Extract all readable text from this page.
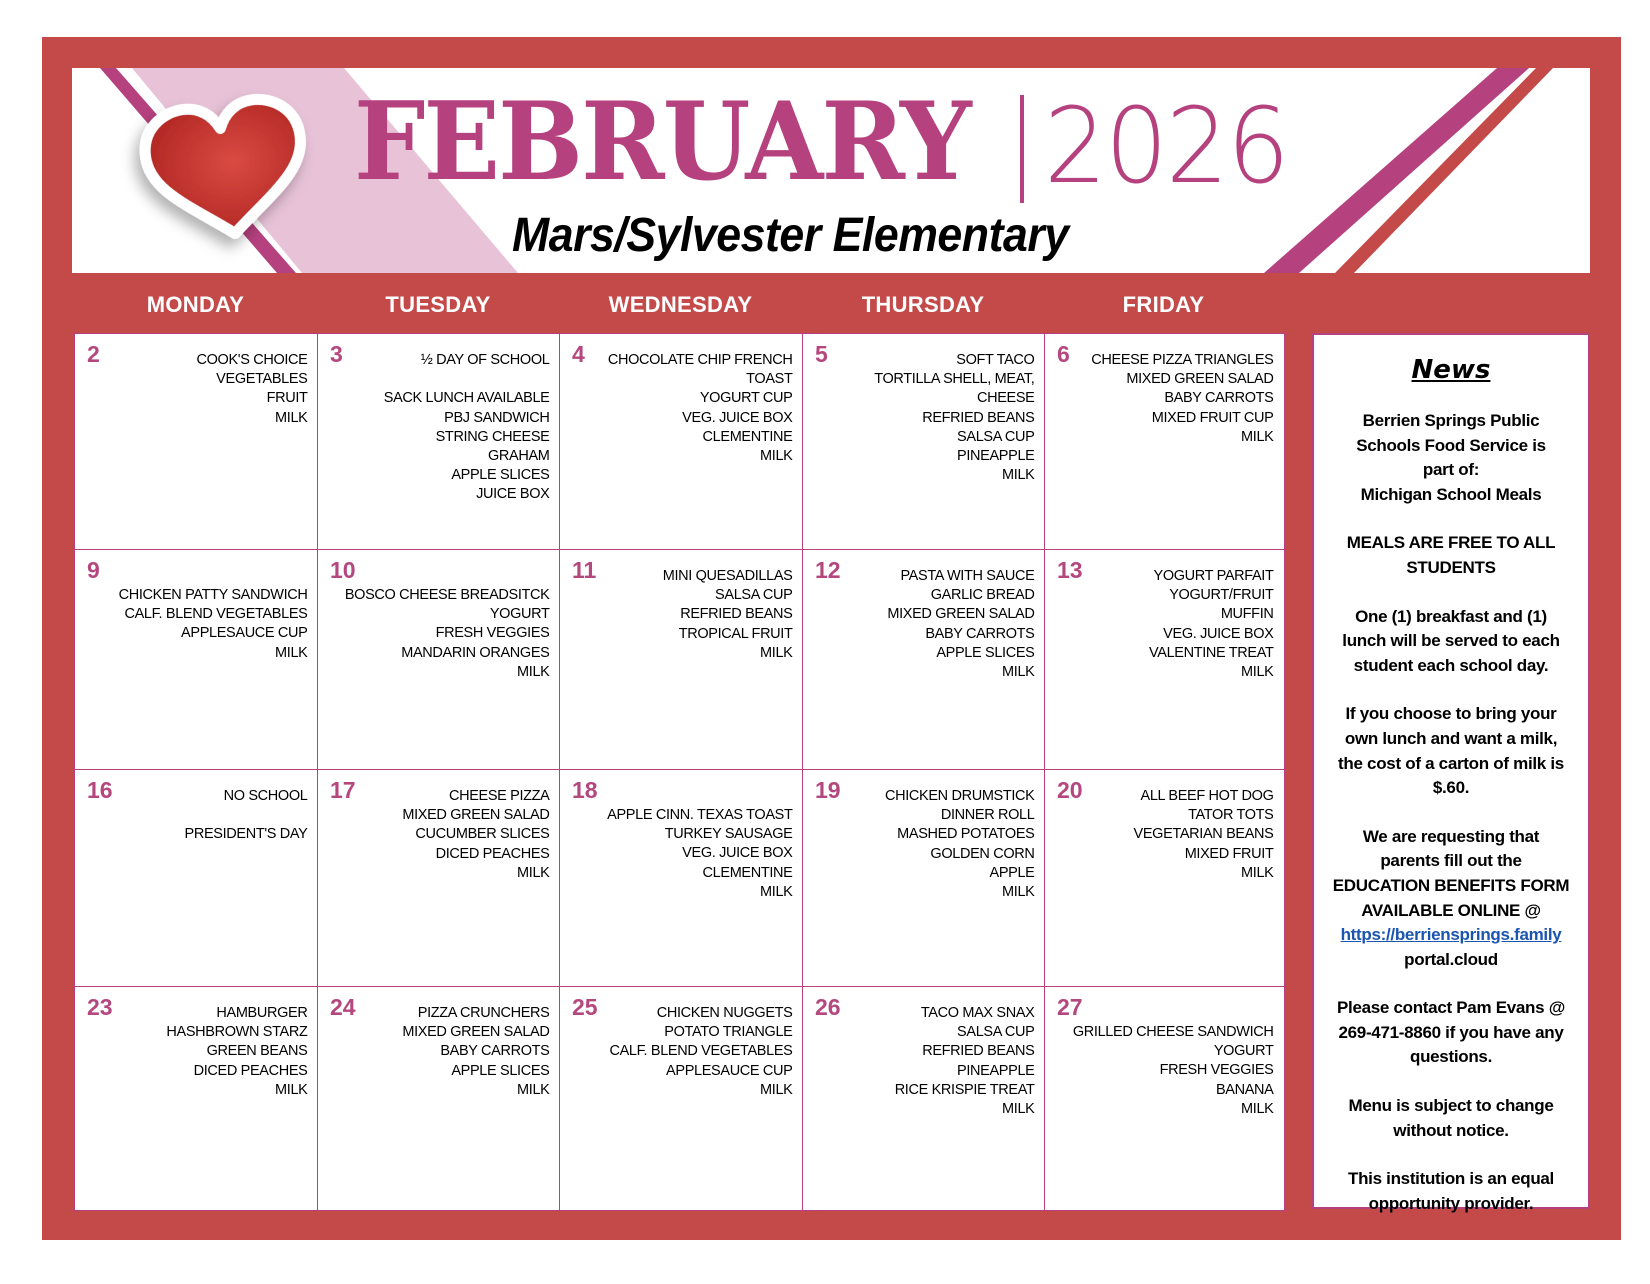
FEBRUARY 2026
Mars/Sylvester Elementary
MONDAY	TUESDAY	WEDNESDAY	THURSDAY	FRIDAY
2	COOK'S CHOICE
VEGETABLES
FRUIT
MILK
3	½ DAY OF SCHOOL

SACK LUNCH AVAILABLE
PBJ SANDWICH
STRING CHEESE
GRAHAM
APPLE SLICES
JUICE BOX
4 CHOCOLATE CHIP FRENCH
TOAST
YOGURT CUP
VEG. JUICE BOX
CLEMENTINE
MILK
5	SOFT TACO
TORTILLA SHELL, MEAT,
CHEESE
REFRIED BEANS
SALSA CUP
PINEAPPLE
MILK
6 CHEESE PIZZA TRIANGLES
MIXED GREEN SALAD
BABY CARROTS
MIXED FRUIT CUP
MILK
9
CHICKEN PATTY SANDWICH
CALF. BLEND VEGETABLES
APPLESAUCE CUP
MILK
10
BOSCO CHEESE BREADSITCK
YOGURT
FRESH VEGGIES
MANDARIN ORANGES
MILK
11	MINI QUESADILLAS
SALSA CUP
REFRIED BEANS
TROPICAL FRUIT
MILK
12	PASTA WITH SAUCE
GARLIC BREAD
MIXED GREEN SALAD
BABY CARROTS
APPLE SLICES
MILK
13	YOGURT PARFAIT
YOGURT/FRUIT
MUFFIN
VEG. JUICE BOX
VALENTINE TREAT
MILK
16	NO SCHOOL

PRESIDENT'S DAY
17	CHEESE PIZZA
MIXED GREEN SALAD
CUCUMBER SLICES
DICED PEACHES
MILK
18
APPLE CINN. TEXAS TOAST
TURKEY SAUSAGE
VEG. JUICE BOX
CLEMENTINE
MILK
19	CHICKEN DRUMSTICK
DINNER ROLL
MASHED POTATOES
GOLDEN CORN
APPLE
MILK
20	ALL BEEF HOT DOG
TATOR TOTS
VEGETARIAN BEANS
MIXED FRUIT
MILK
23	HAMBURGER
HASHBROWN STARZ
GREEN BEANS
DICED PEACHES
MILK
24	PIZZA CRUNCHERS
MIXED GREEN SALAD
BABY CARROTS
APPLE SLICES
MILK
25	CHICKEN NUGGETS
POTATO TRIANGLE
CALF. BLEND VEGETABLES
APPLESAUCE CUP
MILK
26	TACO MAX SNAX
SALSA CUP
REFRIED BEANS
PINEAPPLE
RICE KRISPIE TREAT
MILK
27
GRILLED CHEESE SANDWICH
YOGURT
FRESH VEGGIES
BANANA
MILK
News
Berrien Springs Public
Schools Food Service is
part of:
Michigan School Meals
MEALS ARE FREE TO ALL
STUDENTS
One (1) breakfast and (1)
lunch will be served to each
student each school day.
If you choose to bring your
own lunch and want a milk,
the cost of a carton of milk is
$.60.
We are requesting that
parents fill out the
EDUCATION BENEFITS FORM
AVAILABLE ONLINE @
https://berriensprings.family
portal.cloud
Please contact Pam Evans @
269-471-8860 if you have any
questions.
Menu is subject to change
without notice.
This institution is an equal
opportunity provider.
